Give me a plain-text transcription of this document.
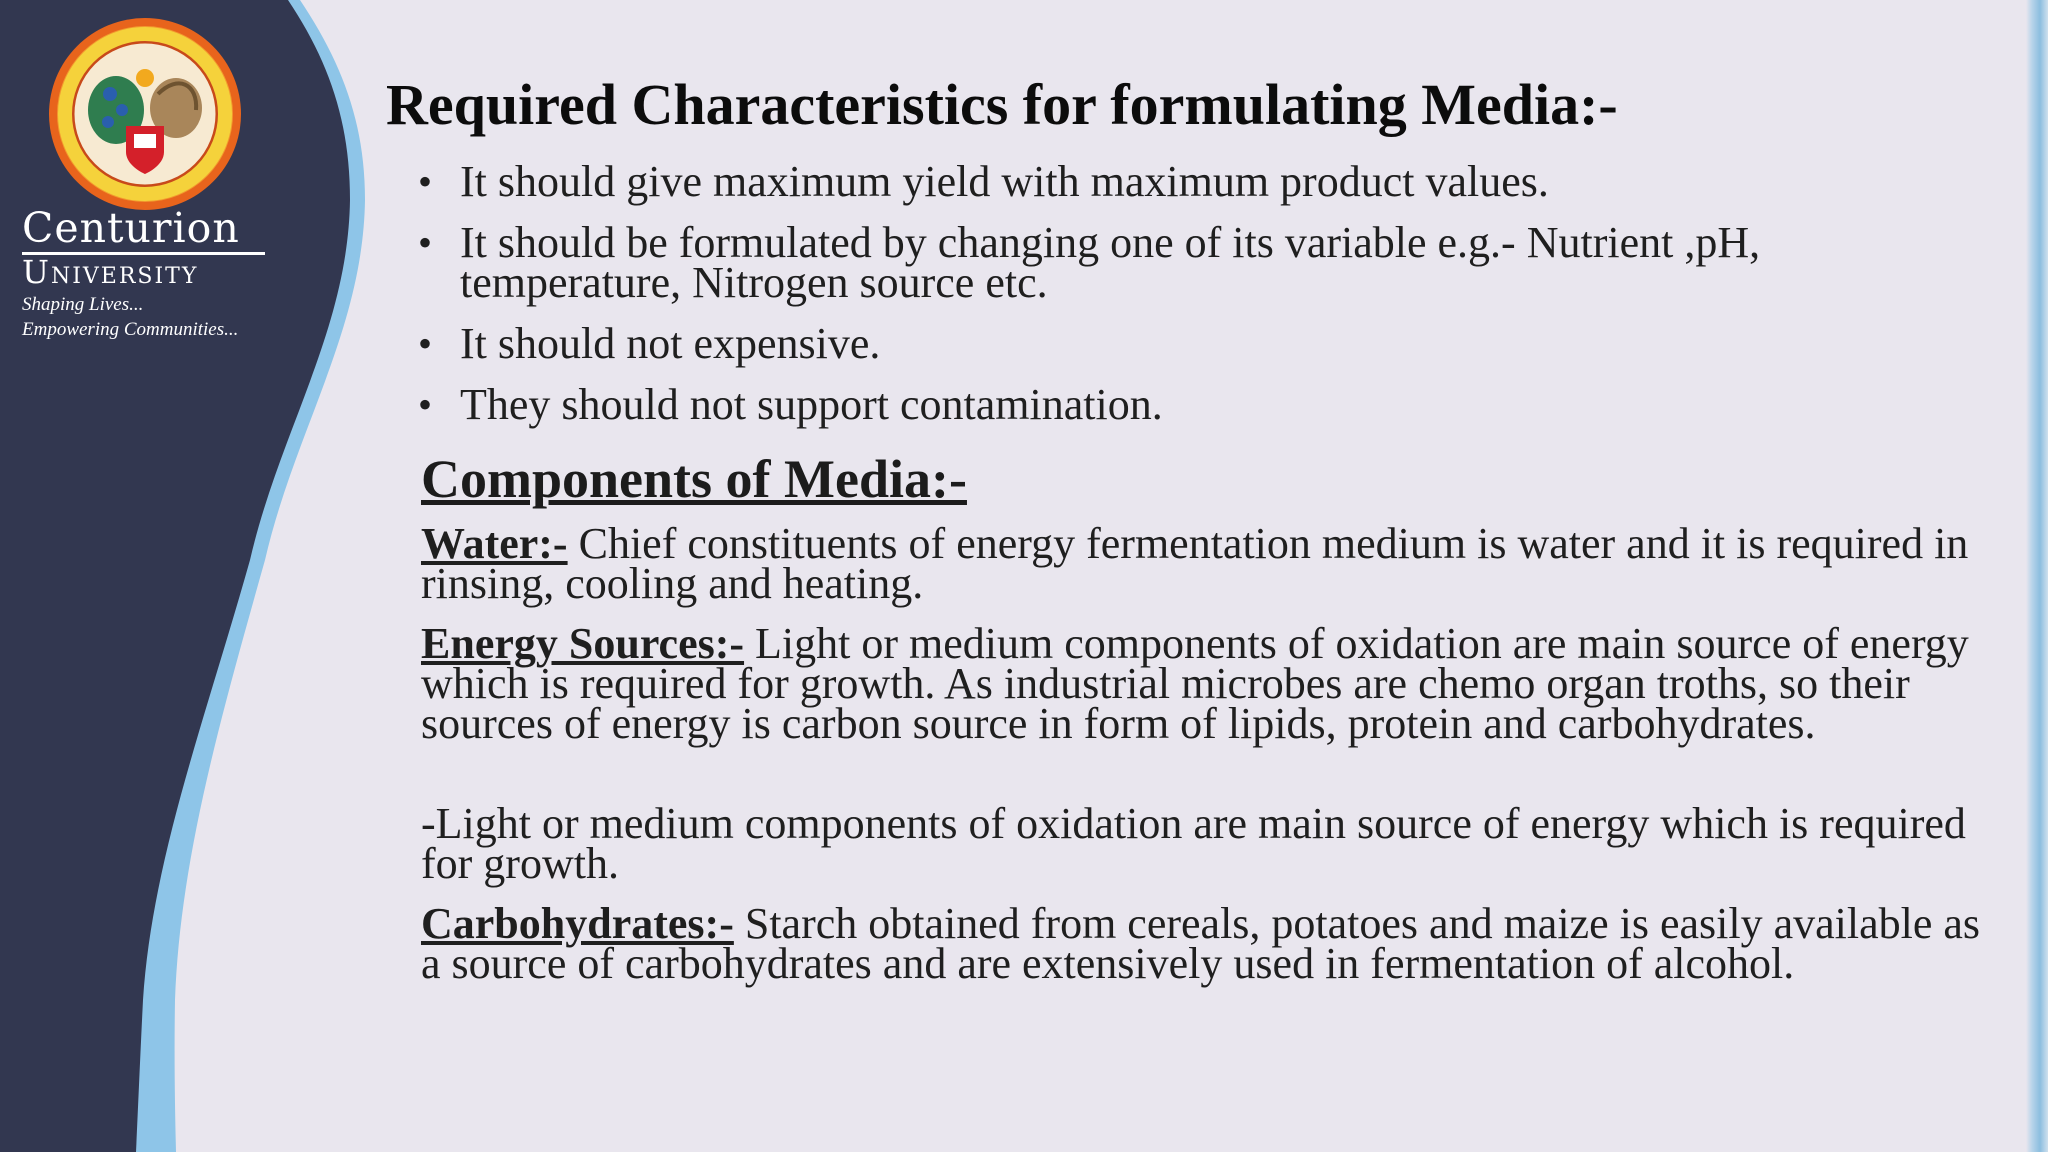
Centurion
University
Shaping Lives...
Empowering Communities...
Required Characteristics for formulating Media:-
• It should give maximum yield with maximum product values.
• It should be formulated by changing one of its variable e.g.- Nutrient ,pH, temperature, Nitrogen source etc.
• It should not expensive.
• They should not support contamination.
Components of Media:-
Water:- Chief constituents of energy fermentation medium is water and it is required in rinsing, cooling and heating.
Energy Sources:- Light or medium components of oxidation are main source of energy which is required for growth. As industrial microbes are chemo organ troths, so their sources of energy is carbon source in form of lipids, protein and carbohydrates.
-Light or medium components of oxidation are main source of energy which is required for growth.
Carbohydrates:- Starch obtained from cereals, potatoes and maize is easily available as a source of carbohydrates and are extensively used in fermentation of alcohol.
